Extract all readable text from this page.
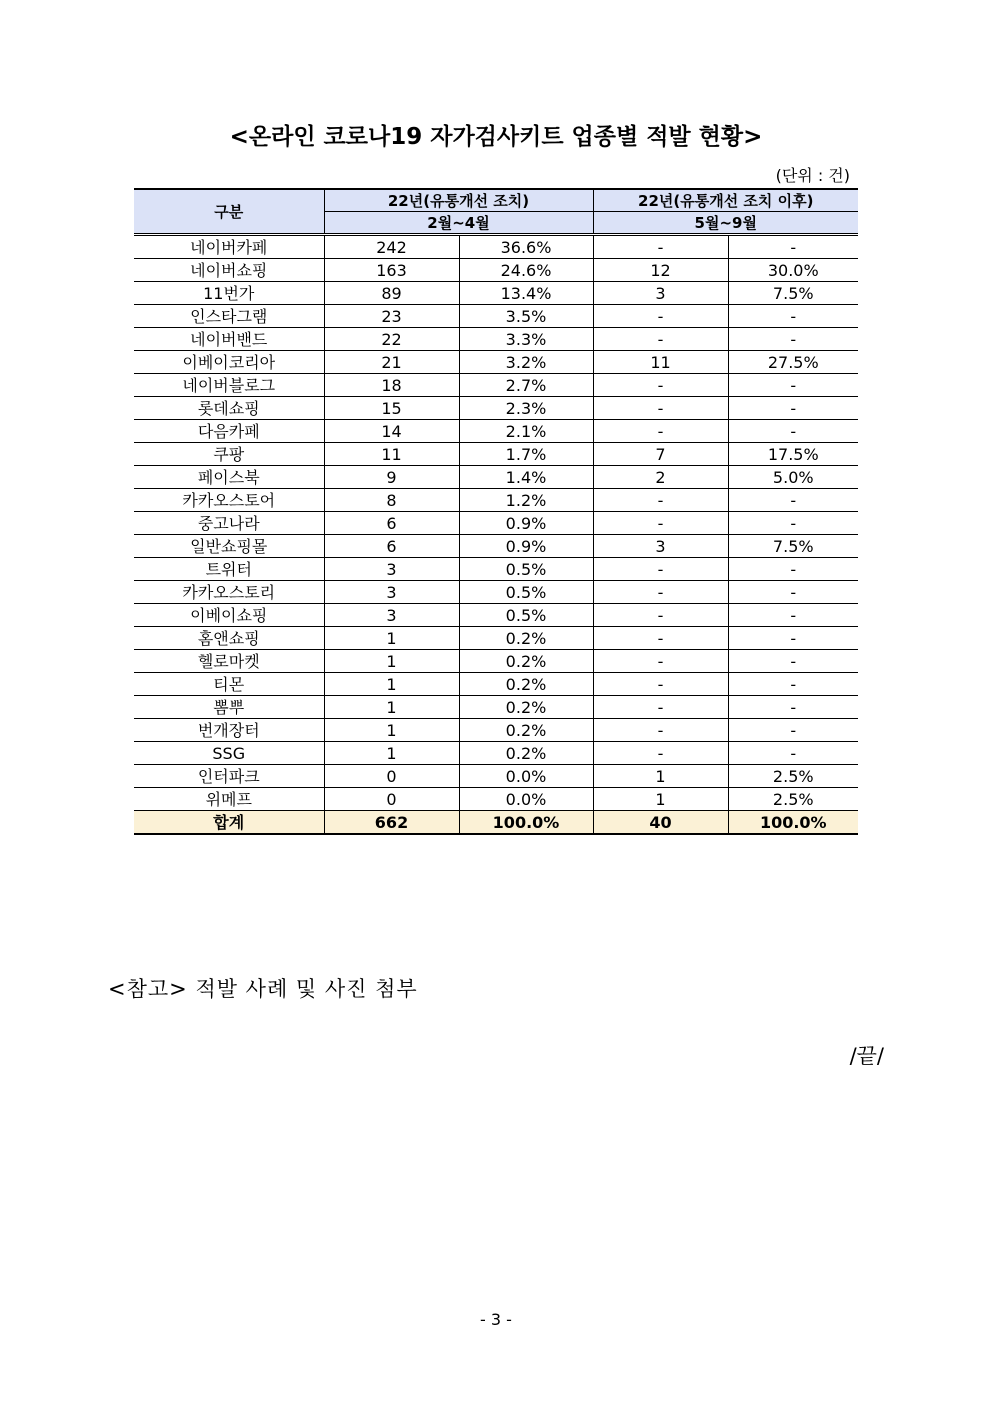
<온라인 코로나19 자가검사키트 업종별 적발 현황>
(단위 : 건)
구분	22년(유통개선 조치)		22년(유통개선 조치 이후)	
	2월~4월		5월~9월	
네이버카페	242	36.6%	-	-
네이버쇼핑	163	24.6%	12	30.0%
11번가	89	13.4%	3	7.5%
인스타그램	23	3.5%	-	-
네이버밴드	22	3.3%	-	-
이베이코리아	21	3.2%	11	27.5%
네이버블로그	18	2.7%	-	-
롯데쇼핑	15	2.3%	-	-
다음카페	14	2.1%	-	-
쿠팡	11	1.7%	7	17.5%
페이스북	9	1.4%	2	5.0%
카카오스토어	8	1.2%	-	-
중고나라	6	0.9%	-	-
일반쇼핑몰	6	0.9%	3	7.5%
트위터	3	0.5%	-	-
카카오스토리	3	0.5%	-	-
이베이쇼핑	3	0.5%	-	-
홈앤쇼핑	1	0.2%	-	-
헬로마켓	1	0.2%	-	-
티몬	1	0.2%	-	-
뽐뿌	1	0.2%	-	-
번개장터	1	0.2%	-	-
SSG	1	0.2%	-	-
인터파크	0	0.0%	1	2.5%
위메프	0	0.0%	1	2.5%
합계	662	100.0%	40	100.0%
<참고> 적발 사례 및 사진 첨부
/끝/
- 3 -
